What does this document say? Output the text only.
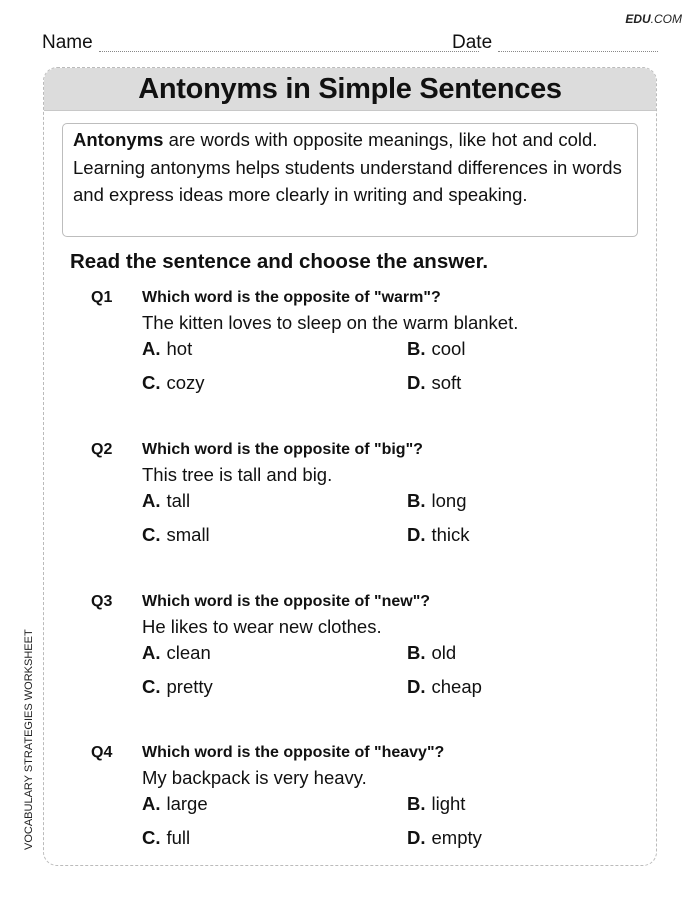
EDU.COM
Name	Date
Antonyms in Simple Sentences
Antonyms are words with opposite meanings, like hot and cold. Learning antonyms helps students understand differences in words and express ideas more clearly in writing and speaking.
Read the sentence and choose the answer.
Q1 Which word is the opposite of "warm"?
The kitten loves to sleep on the warm blanket.
A. hot	B. cool
C. cozy	D. soft
Q2 Which word is the opposite of "big"?
This tree is tall and big.
A. tall	B. long
C. small	D. thick
Q3 Which word is the opposite of "new"?
He likes to wear new clothes.
A. clean	B. old
C. pretty	D. cheap
Q4 Which word is the opposite of "heavy"?
My backpack is very heavy.
A. large	B. light
C. full	D. empty
VOCABULARY STRATEGIES WORKSHEET
